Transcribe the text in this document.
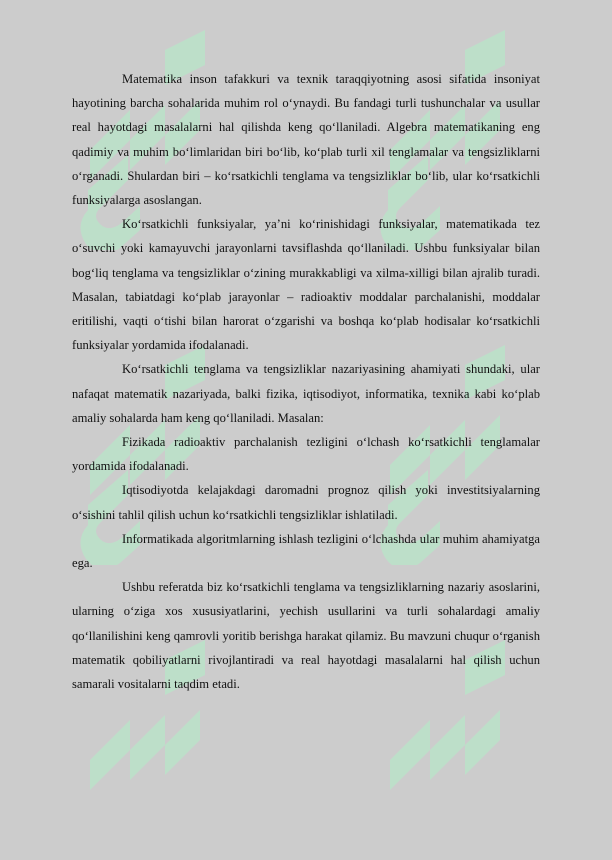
Matematika inson tafakkuri va texnik taraqqiyotning asosi sifatida insoniyat hayotining barcha sohalarida muhim rol o‘ynaydi. Bu fandagi turli tushunchalar va usullar real hayotdagi masalalarni hal qilishda keng qo‘llaniladi. Algebra matematikaning eng qadimiy va muhim bo‘limlaridan biri bo‘lib, ko‘plab turli xil tenglamalar va tengsizliklarni o‘rganadi. Shulardan biri – ko‘rsatkichli tenglama va tengsizliklar bo‘lib, ular ko‘rsatkichli funksiyalarga asoslangan.

Ko‘rsatkichli funksiyalar, ya’ni ko‘rinishidagi funksiyalar, matematikada tez o‘suvchi yoki kamayuvchi jarayonlarni tavsiflashda qo‘llaniladi. Ushbu funksiyalar bilan bog‘liq tenglama va tengsizliklar o‘zining murakkabligi va xilma-xilligi bilan ajralib turadi. Masalan, tabiatdagi ko‘plab jarayonlar – radioaktiv moddalar parchalanishi, moddalar eritilishi, vaqti o‘tishi bilan harorat o‘zgarishi va boshqa ko‘plab hodisalar ko‘rsatkichli funksiyalar yordamida ifodalanadi.

Ko‘rsatkichli tenglama va tengsizliklar nazariyasining ahamiyati shundaki, ular nafaqat matematik nazariyada, balki fizika, iqtisodiyot, informatika, texnika kabi ko‘plab amaliy sohalarda ham keng qo‘llaniladi. Masalan:

Fizikada radioaktiv parchalanish tezligini o‘lchash ko‘rsatkichli tenglamalar yordamida ifodalanadi.

Iqtisodiyotda kelajakdagi daromadni prognoz qilish yoki investitsiyalarning o‘sishini tahlil qilish uchun ko‘rsatkichli tengsizliklar ishlatiladi.

Informatikada algoritmlarning ishlash tezligini o‘lchashda ular muhim ahamiyatga ega.

Ushbu referatda biz ko‘rsatkichli tenglama va tengsizliklarning nazariy asoslarini, ularning o‘ziga xos xususiyatlarini, yechish usullarini va turli sohalardagi amaliy qo‘llanilishini keng qamrovli yoritib berishga harakat qilamiz. Bu mavzuni chuqur o‘rganish matematik qobiliyatlarni rivojlantiradi va real hayotdagi masalalarni hal qilish uchun samarali vositalarni taqdim etadi.
